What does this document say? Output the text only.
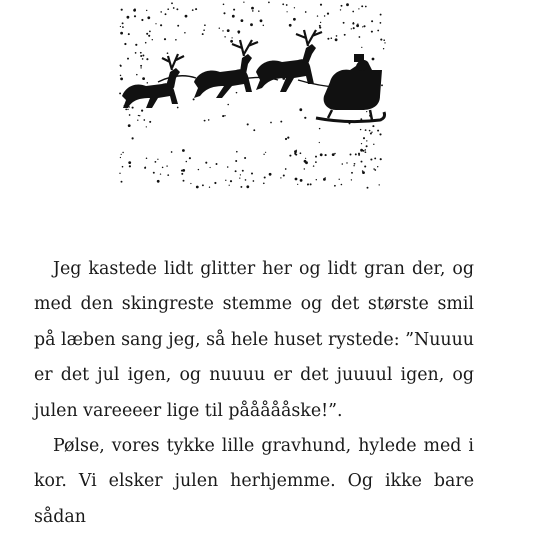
Jeg kastede lidt glitter her og lidt gran der, og med den skingreste stemme og det største smil på læben sang jeg, så hele huset rystede: ”Nuuuu er det jul igen, og nuuuu er det juuuul igen, og julen vareeeer lige til påååååske!”.

Pølse, vores tykke lille gravhund, hylede med i kor. Vi elsker julen herhjemme. Og ikke bare sådan
